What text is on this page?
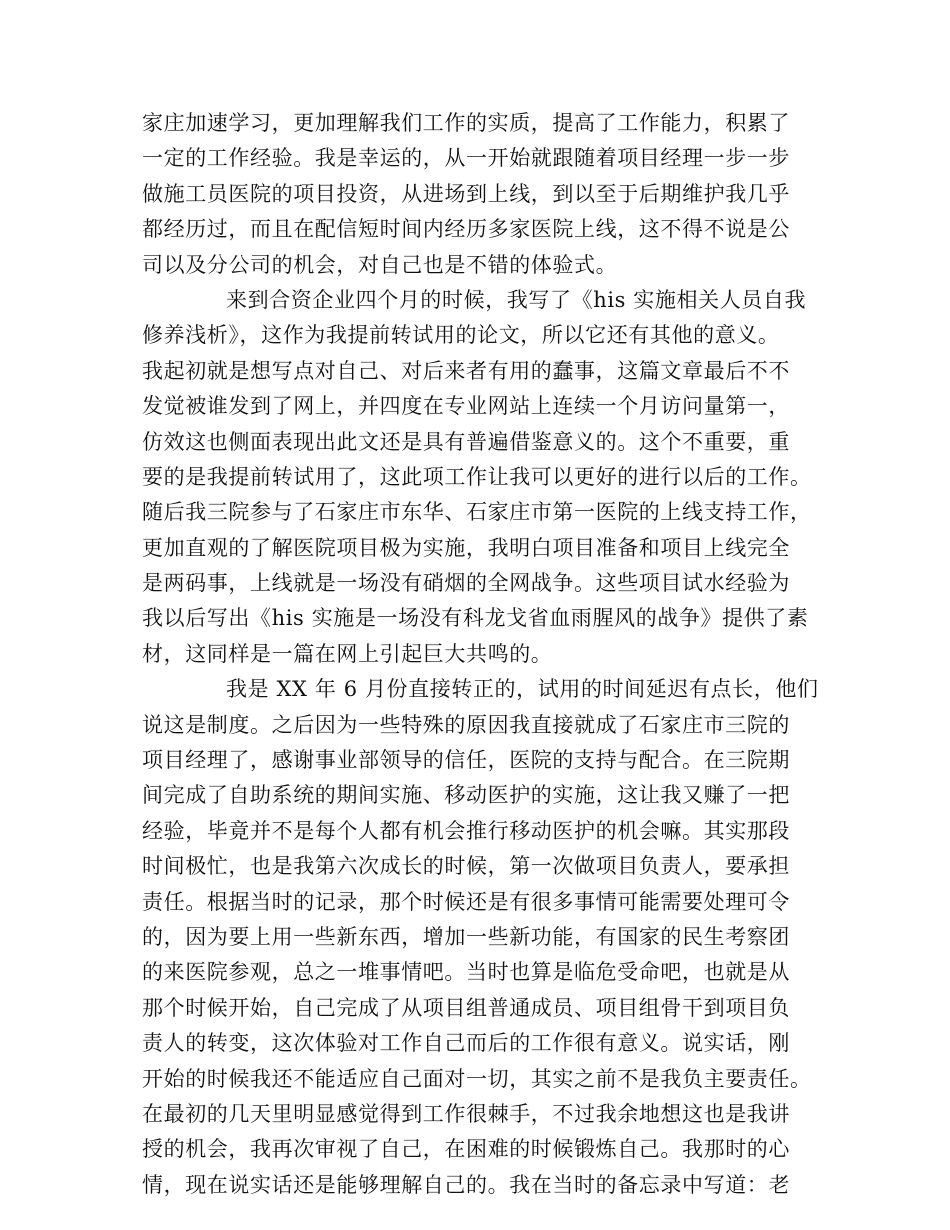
家庄加速学习，更加理解我们工作的实质，提高了工作能力，积累了
一定的工作经验。我是幸运的，从一开始就跟随着项目经理一步一步
做施工员医院的项目投资，从进场到上线，到以至于后期维护我几乎
都经历过，而且在配信短时间内经历多家医院上线，这不得不说是公
司以及分公司的机会，对自己也是不错的体验式。
来到合资企业四个月的时候，我写了《his 实施相关人员自我
修养浅析》，这作为我提前转试用的论文，所以它还有其他的意义。
我起初就是想写点对自己、对后来者有用的蠢事，这篇文章最后不不
发觉被谁发到了网上，并四度在专业网站上连续一个月访问量第一，
仿效这也侧面表现出此文还是具有普遍借鉴意义的。这个不重要，重
要的是我提前转试用了，这此项工作让我可以更好的进行以后的工作。
随后我三院参与了石家庄市东华、石家庄市第一医院的上线支持工作，
更加直观的了解医院项目极为实施，我明白项目准备和项目上线完全
是两码事，上线就是一场没有硝烟的全网战争。这些项目试水经验为
我以后写出《his 实施是一场没有科龙戈省血雨腥风的战争》提供了素
材，这同样是一篇在网上引起巨大共鸣的。
我是 XX 年 6 月份直接转正的，试用的时间延迟有点长，他们
说这是制度。之后因为一些特殊的原因我直接就成了石家庄市三院的
项目经理了，感谢事业部领导的信任，医院的支持与配合。在三院期
间完成了自助系统的期间实施、移动医护的实施，这让我又赚了一把
经验，毕竟并不是每个人都有机会推行移动医护的机会嘛。其实那段
时间极忙，也是我第六次成长的时候，第一次做项目负责人，要承担
责任。根据当时的记录，那个时候还是有很多事情可能需要处理可令
的，因为要上用一些新东西，增加一些新功能，有国家的民生考察团
的来医院参观，总之一堆事情吧。当时也算是临危受命吧，也就是从
那个时候开始，自己完成了从项目组普通成员、项目组骨干到项目负
责人的转变，这次体验对工作自己而后的工作很有意义。说实话，刚
开始的时候我还不能适应自己面对一切，其实之前不是我负主要责任。
在最初的几天里明显感觉得到工作很棘手，不过我余地想这也是我讲
授的机会，我再次审视了自己，在困难的时候锻炼自己。我那时的心
情，现在说实话还是能够理解自己的。我在当时的备忘录中写道：老
